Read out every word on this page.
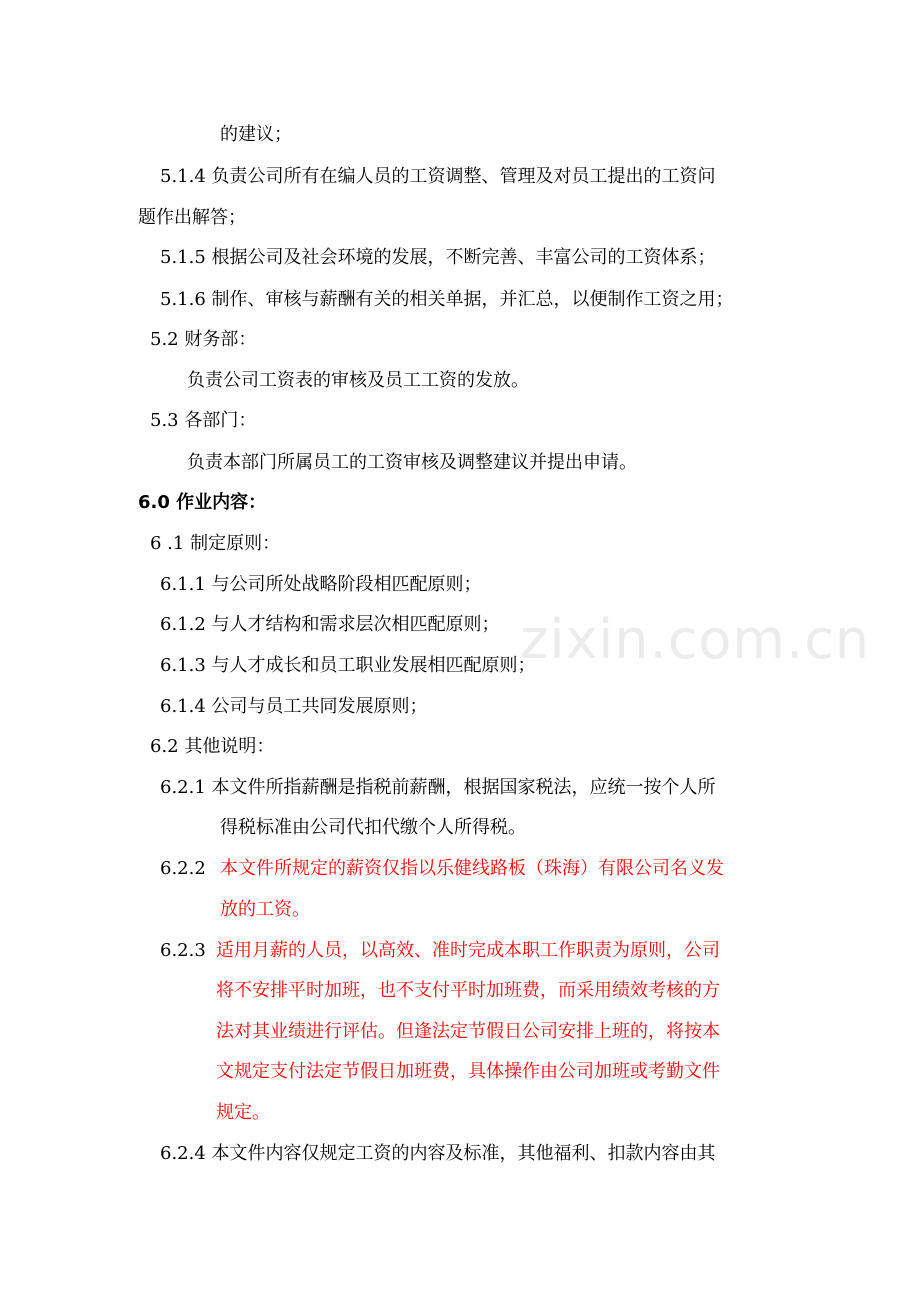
zixin.com.cn
的建议；
5.1.4 负责公司所有在编人员的工资调整、管理及对员工提出的工资问
题作出解答；
5.1.5 根据公司及社会环境的发展，不断完善、丰富公司的工资体系；
5.1.6 制作、审核与薪酬有关的相关单据，并汇总，以便制作工资之用；
5.2 财务部：
负责公司工资表的审核及员工工资的发放。
5.3 各部门：
负责本部门所属员工的工资审核及调整建议并提出申请。
6.0 作业内容：
6 .1 制定原则：
6.1.1 与公司所处战略阶段相匹配原则；
6.1.2 与人才结构和需求层次相匹配原则；
6.1.3 与人才成长和员工职业发展相匹配原则；
6.1.4 公司与员工共同发展原则；
6.2 其他说明：
6.2.1 本文件所指薪酬是指税前薪酬，根据国家税法，应统一按个人所
得税标准由公司代扣代缴个人所得税。
6.2.2 本文件所规定的薪资仅指以乐健线路板（珠海）有限公司名义发
放的工资。
6.2.3 适用月薪的人员，以高效、准时完成本职工作职责为原则，公司
将不安排平时加班，也不支付平时加班费，而采用绩效考核的方
法对其业绩进行评估。但逢法定节假日公司安排上班的，将按本
文规定支付法定节假日加班费，具体操作由公司加班或考勤文件
规定。
6.2.4 本文件内容仅规定工资的内容及标准，其他福利、扣款内容由其
